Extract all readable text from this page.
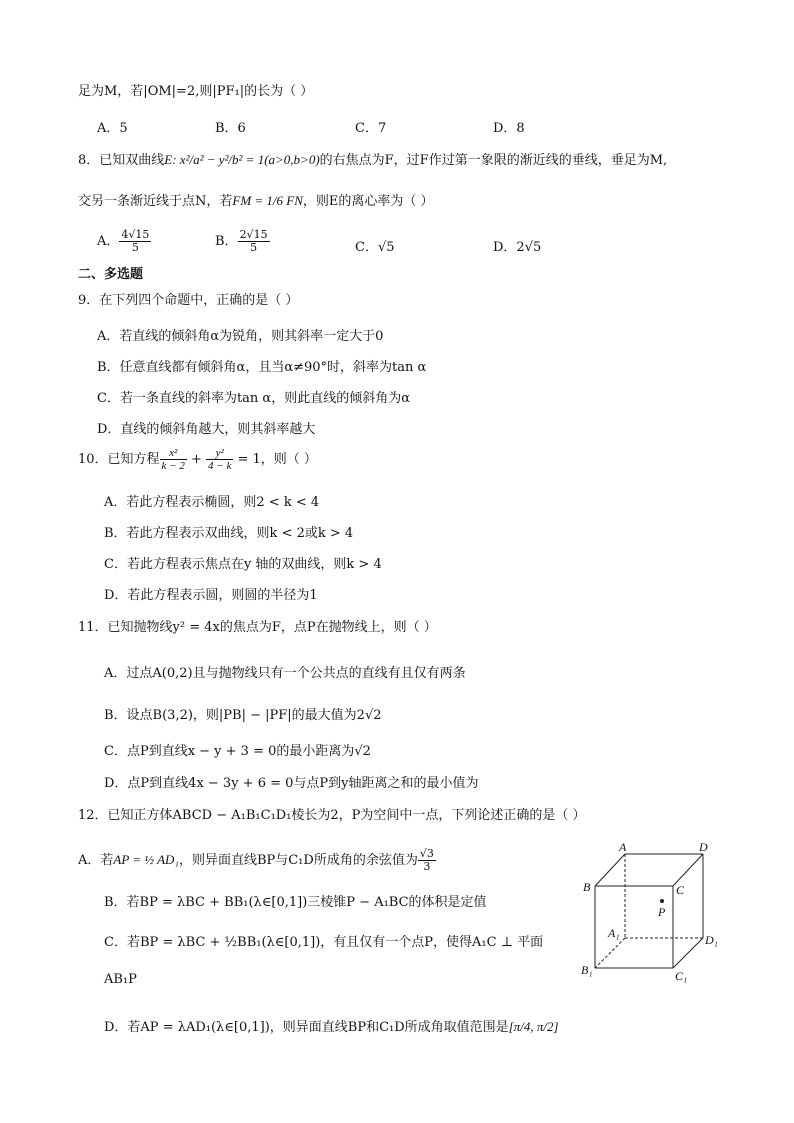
足为M，若|OM|=2,则|PF₁|的长为（ ）
A．5	B．6	C．7	D．8
8．已知双曲线E: x²/a² − y²/b² = 1(a>0,b>0)的右焦点为F，过F作过第一象限的渐近线的垂线，垂足为M,
交另一条渐近线于点N，若FM = 1/6 FN，则E的离心率为（ ）
A． $\frac{4√15}{5}$	B． $\frac{2√15}{5}$	C．√5	D．2√5
二、多选题
9．在下列四个命题中，正确的是（ ）
A．若直线的倾斜角α为锐角，则其斜率一定大于0
B．任意直线都有倾斜角α，且当α≠90°时，斜率为tan α
C．若一条直线的斜率为tan α，则此直线的倾斜角为α
D．直线的倾斜角越大，则其斜率越大
10．已知方程 $\frac{\text{x²}}{k - 2} + \frac{\text{y²}}{4 - k} = 1$，则（ ）
A．若此方程表示椭圆，则2 < k < 4
B．若此方程表示双曲线，则k < 2或k > 4
C．若此方程表示焦点在y 轴的双曲线，则k > 4
D．若此方程表示圆，则圆的半径为1
11．已知抛物线y² = 4x的焦点为F，点P在抛物线上，则（ ）
A．过点A(0,2)且与抛物线只有一个公共点的直线有且仅有两条
B．设点B(3,2)，则|PB| − |PF|的最大值为2√2
C．点P到直线x − y + 3 = 0的最小距离为√2
D．点P到直线4x − 3y + 6 = 0与点P到y轴距离之和的最小值为
12．已知正方体ABCD − A₁B₁C₁D₁棱长为2，P为空间中一点，下列论述正确的是（ ）
A．若AP = ½ AD₁，则异面直线BP与C₁D所成角的余弦值为 $\frac{√3}{3}$
B．若BP = λBC + BB₁(λ∈[0,1])三棱锥P − A₁BC的体积是定值
C．若BP = λBC + ½BB₁(λ∈[0,1])，有且仅有一个点P，使得A₁C ⊥ 平面
AB₁P
D．若AP = λAD₁(λ∈[0,1])，则异面直线BP和C₁D所成角取值范围是[π/4, π/2]
A	D
B	C
P
A₁	D₁
B₁	C₁
